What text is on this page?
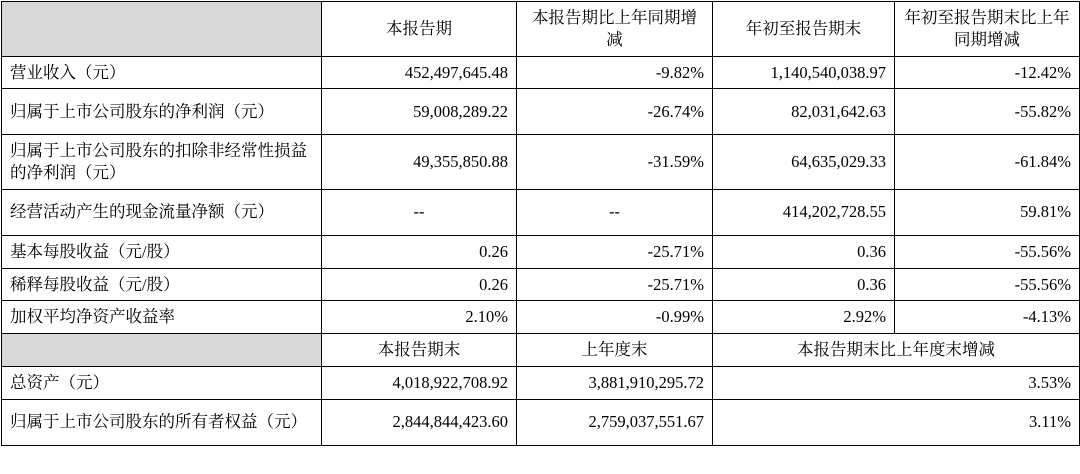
	本报告期	本报告期比上年同期增减	年初至报告期末	年初至报告期末比上年同期增减
营业收入（元）	452,497,645.48	-9.82%	1,140,540,038.97	-12.42%
归属于上市公司股东的净利润（元）	59,008,289.22	-26.74%	82,031,642.63	-55.82%
归属于上市公司股东的扣除非经常性损益的净利润（元）	49,355,850.88	-31.59%	64,635,029.33	-61.84%
经营活动产生的现金流量净额（元）	--	--	414,202,728.55	59.81%
基本每股收益（元/股）	0.26	-25.71%	0.36	-55.56%
稀释每股收益（元/股）	0.26	-25.71%	0.36	-55.56%
加权平均净资产收益率	2.10%	-0.99%	2.92%	-4.13%
	本报告期末	上年度末	本报告期末比上年度末增减	
总资产（元）	4,018,922,708.92	3,881,910,295.72	3.53%	
归属于上市公司股东的所有者权益（元）	2,844,844,423.60	2,759,037,551.67	3.11%	
